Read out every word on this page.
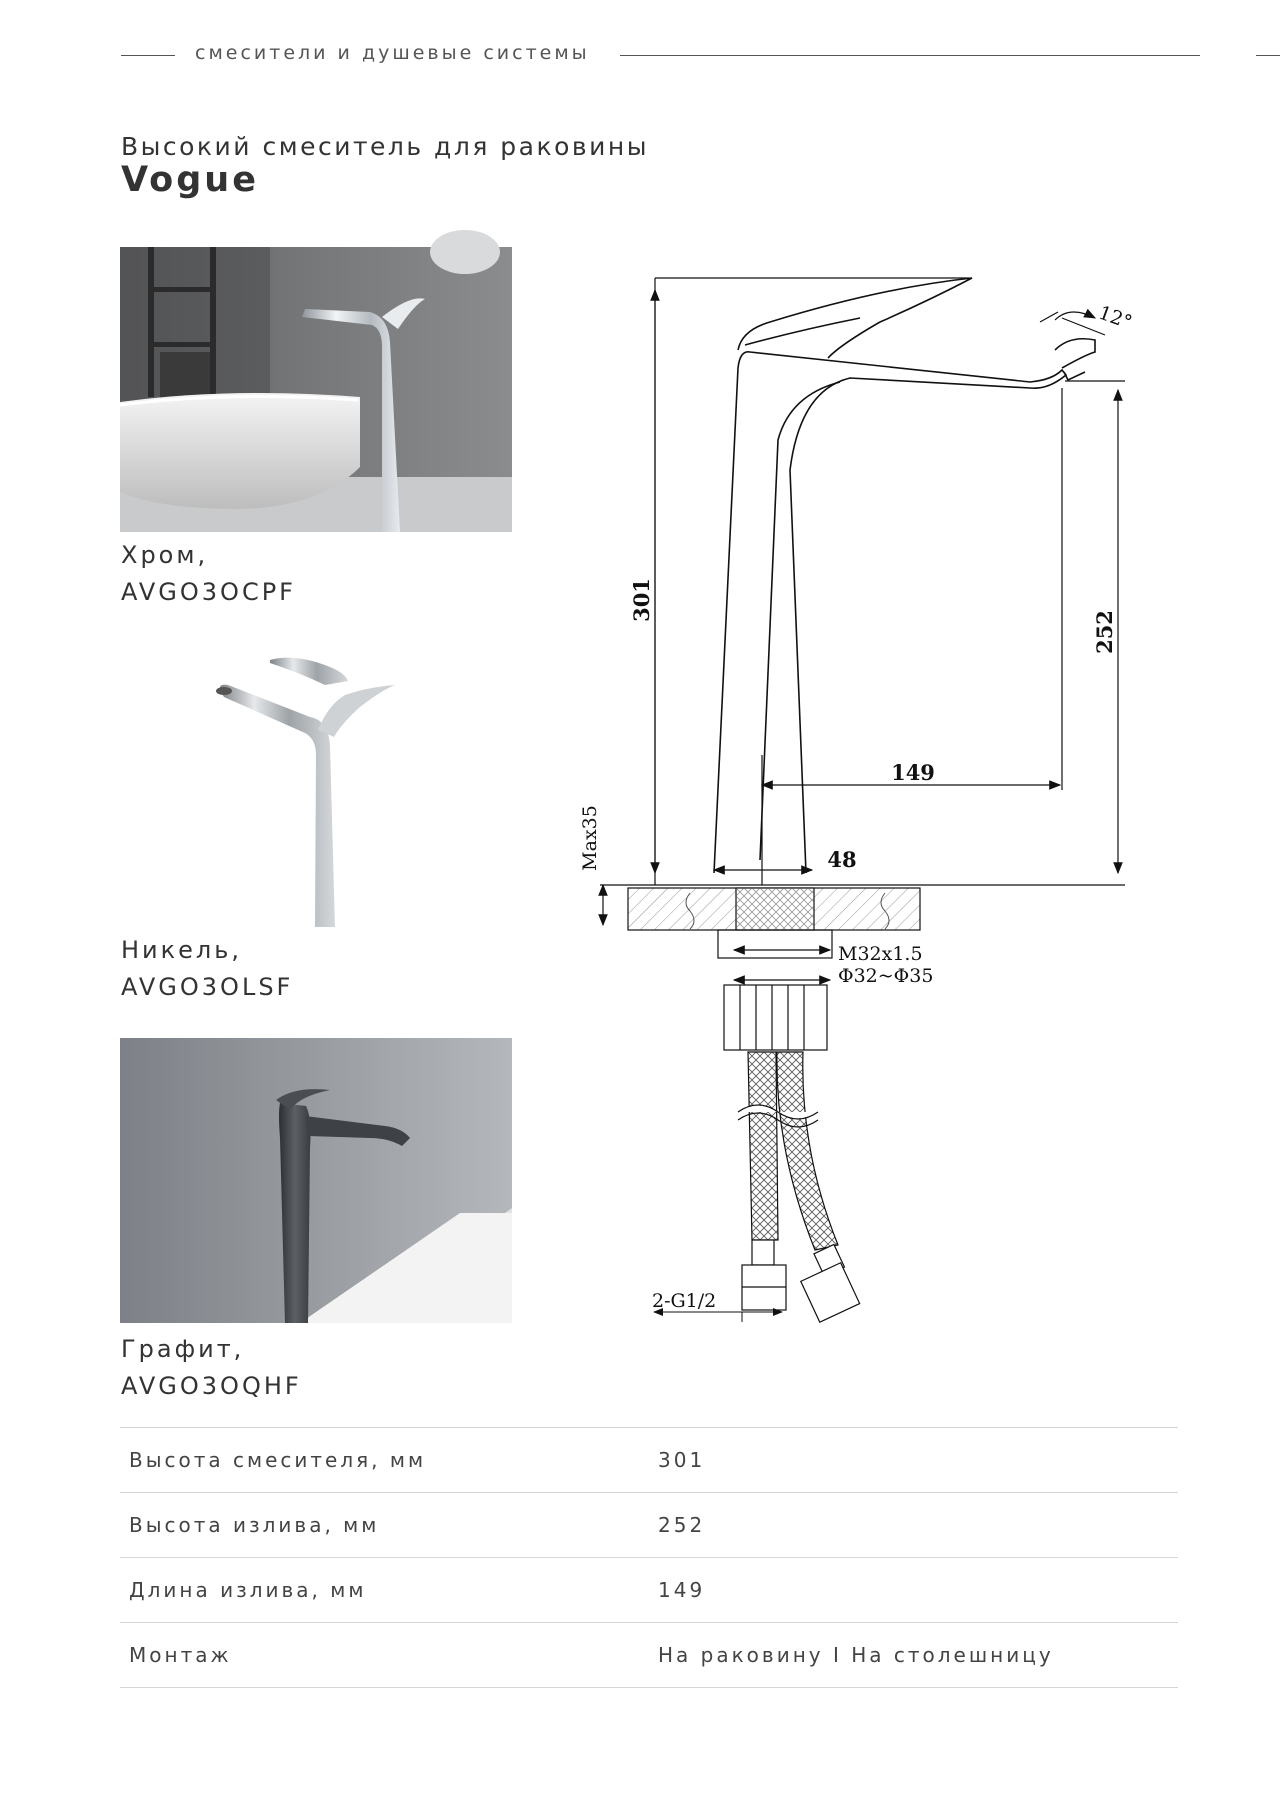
смесители и душевые системы
Высокий смеситель для раковины
Vogue
Хром,
AVGO3OCPF
Никель,
AVGO3OLSF
Графит,
AVGO3OQHF
301
252
149
48
12°
Max35
M32x1.5
Φ32~Φ35
2-G1/2
Высота смесителя, мм	301
Высота излива, мм	252
Длина излива, мм	149
Монтаж	На раковину I На столешницу
